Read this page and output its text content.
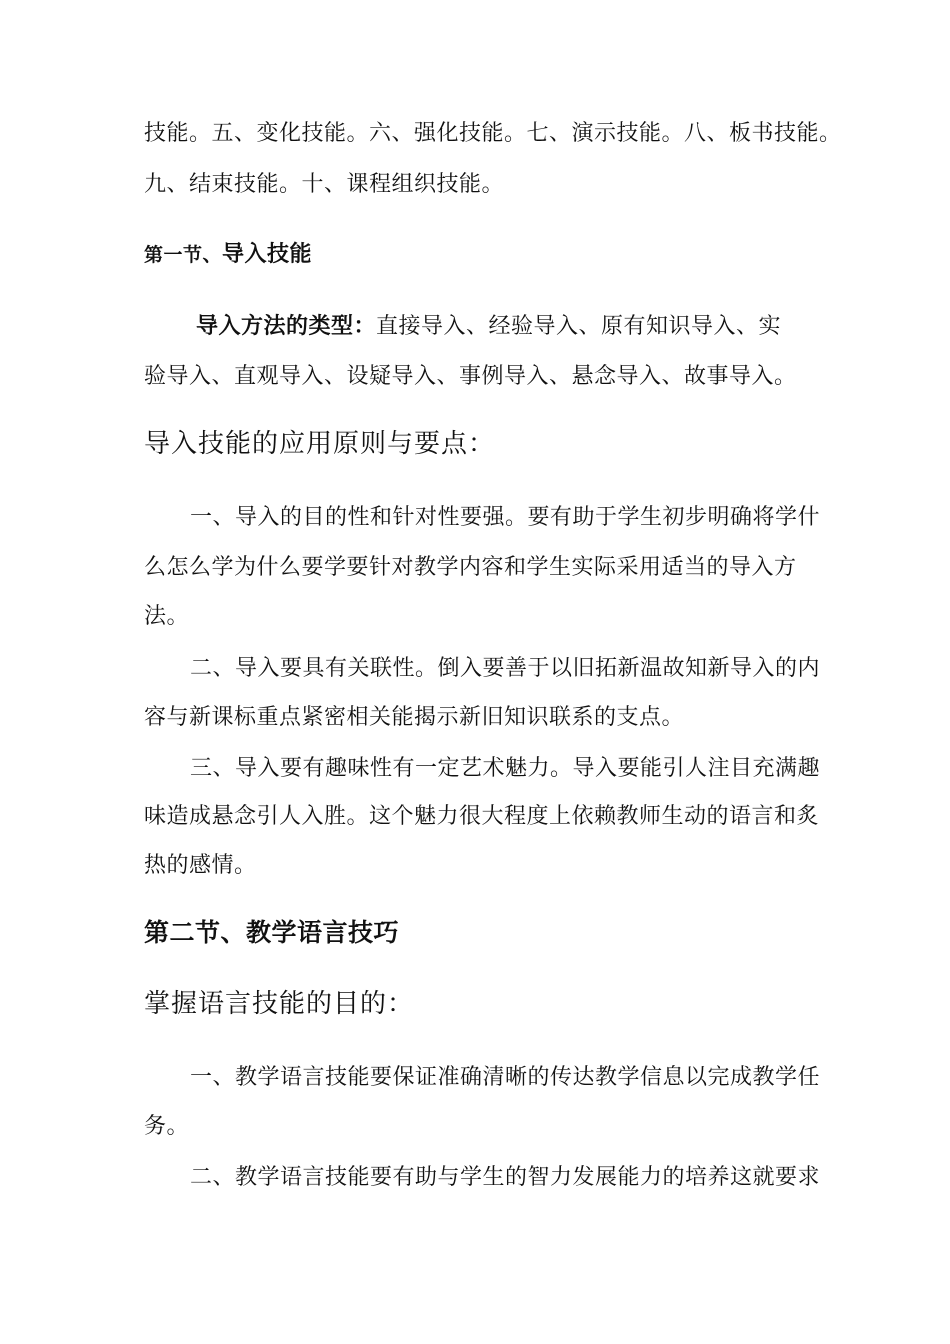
技能。五、变化技能。六、强化技能。七、演示技能。八、板书技能。
九、结束技能。十、课程组织技能。
第一节、导入技能
导入方法的类型：直接导入、经验导入、原有知识导入、实
验导入、直观导入、设疑导入、事例导入、悬念导入、故事导入。
导入技能的应用原则与要点：
一、导入的目的性和针对性要强。要有助于学生初步明确将学什
么怎么学为什么要学要针对教学内容和学生实际采用适当的导入方
法。
二、导入要具有关联性。倒入要善于以旧拓新温故知新导入的内
容与新课标重点紧密相关能揭示新旧知识联系的支点。
三、导入要有趣味性有一定艺术魅力。导入要能引人注目充满趣
味造成悬念引人入胜。这个魅力很大程度上依赖教师生动的语言和炙
热的感情。
第二节、教学语言技巧
掌握语言技能的目的：
一、教学语言技能要保证准确清晰的传达教学信息以完成教学任
务。
二、教学语言技能要有助与学生的智力发展能力的培养这就要求
